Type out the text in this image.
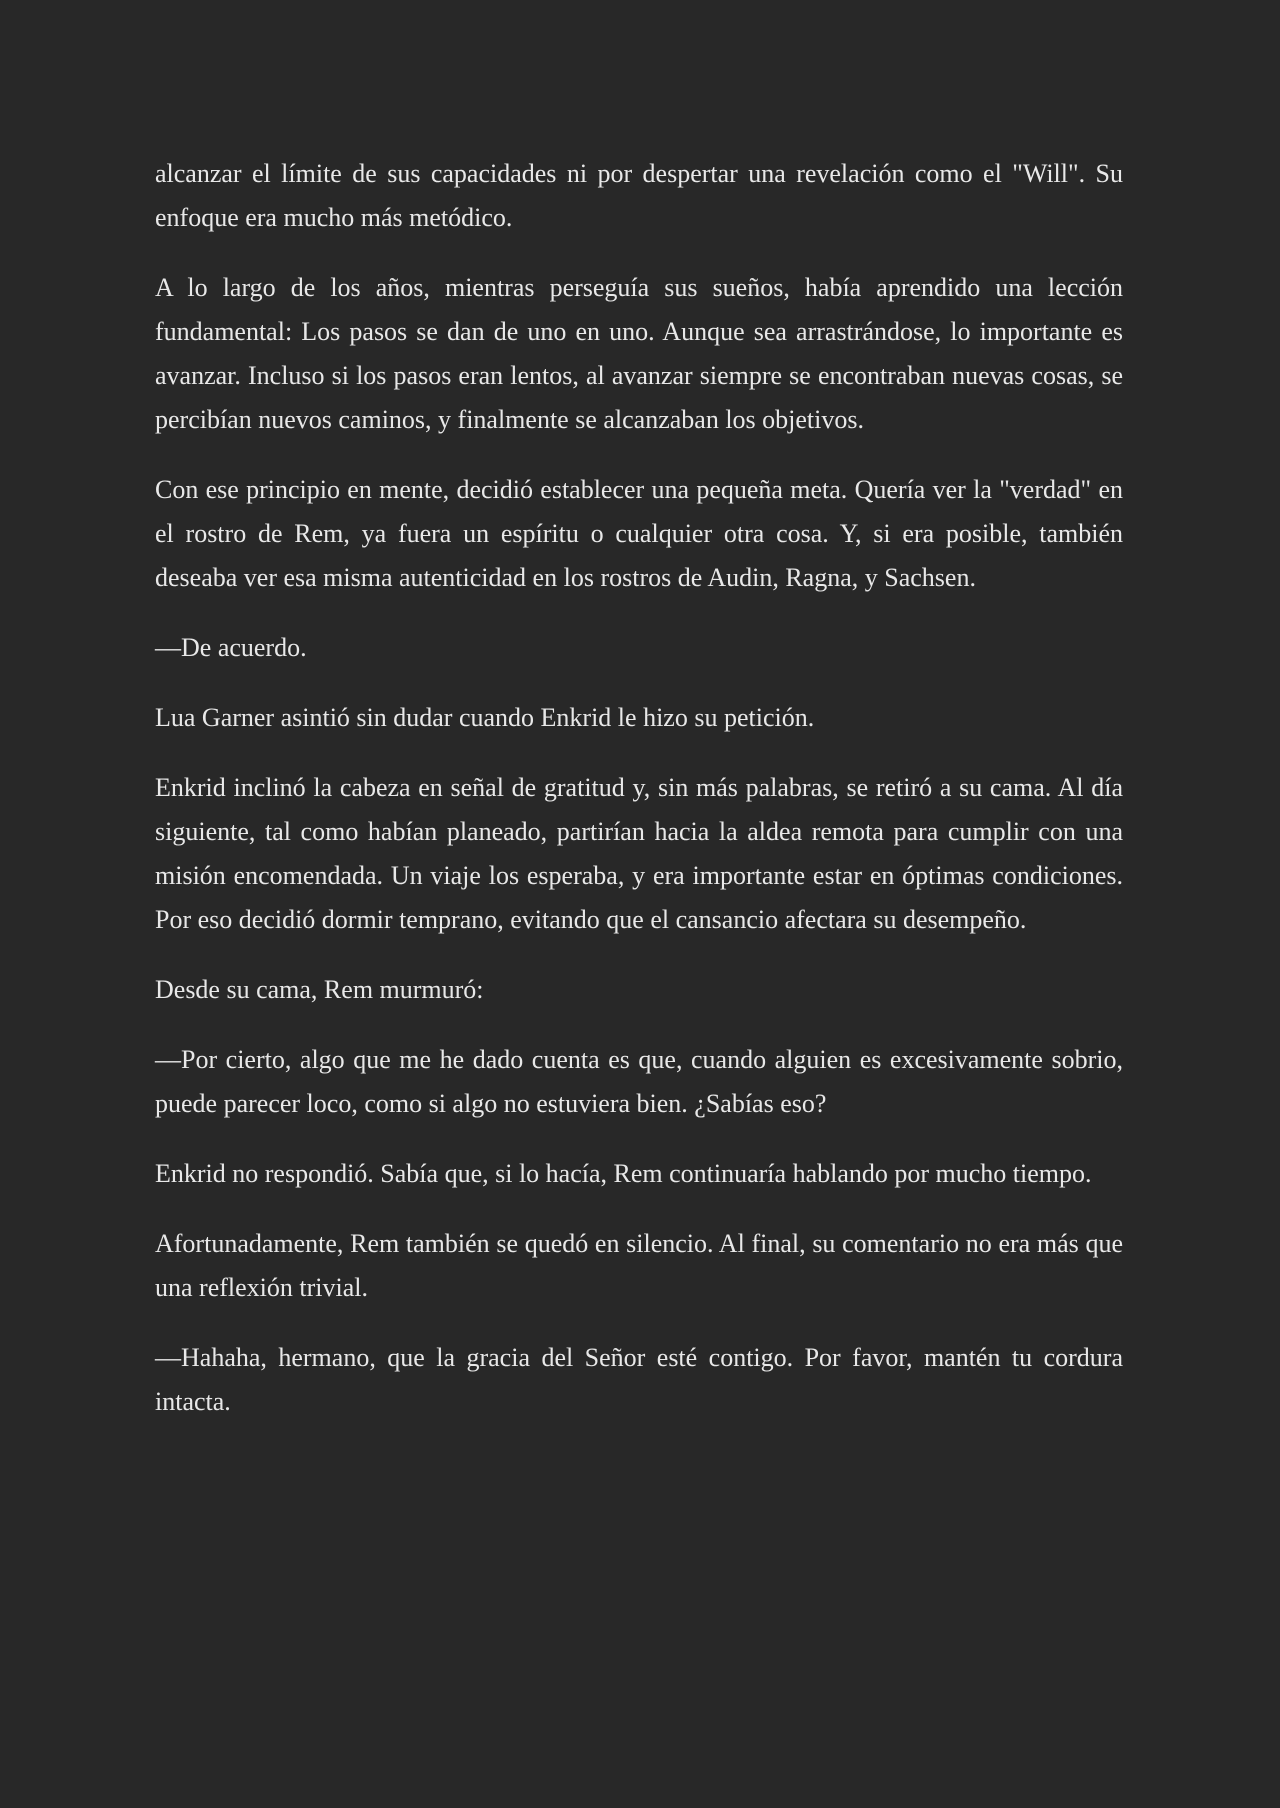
alcanzar el límite de sus capacidades ni por despertar una revelación como el "Will". Su enfoque era mucho más metódico.

A lo largo de los años, mientras perseguía sus sueños, había aprendido una lección fundamental: Los pasos se dan de uno en uno. Aunque sea arrastrándose, lo importante es avanzar. Incluso si los pasos eran lentos, al avanzar siempre se encontraban nuevas cosas, se percibían nuevos caminos, y finalmente se alcanzaban los objetivos.

Con ese principio en mente, decidió establecer una pequeña meta. Quería ver la "verdad" en el rostro de Rem, ya fuera un espíritu o cualquier otra cosa. Y, si era posible, también deseaba ver esa misma autenticidad en los rostros de Audin, Ragna, y Sachsen.

—De acuerdo.

Lua Garner asintió sin dudar cuando Enkrid le hizo su petición.

Enkrid inclinó la cabeza en señal de gratitud y, sin más palabras, se retiró a su cama. Al día siguiente, tal como habían planeado, partirían hacia la aldea remota para cumplir con una misión encomendada. Un viaje los esperaba, y era importante estar en óptimas condiciones. Por eso decidió dormir temprano, evitando que el cansancio afectara su desempeño.

Desde su cama, Rem murmuró:

—Por cierto, algo que me he dado cuenta es que, cuando alguien es excesivamente sobrio, puede parecer loco, como si algo no estuviera bien. ¿Sabías eso?

Enkrid no respondió. Sabía que, si lo hacía, Rem continuaría hablando por mucho tiempo.

Afortunadamente, Rem también se quedó en silencio. Al final, su comentario no era más que una reflexión trivial.

—Hahaha, hermano, que la gracia del Señor esté contigo. Por favor, mantén tu cordura intacta.
